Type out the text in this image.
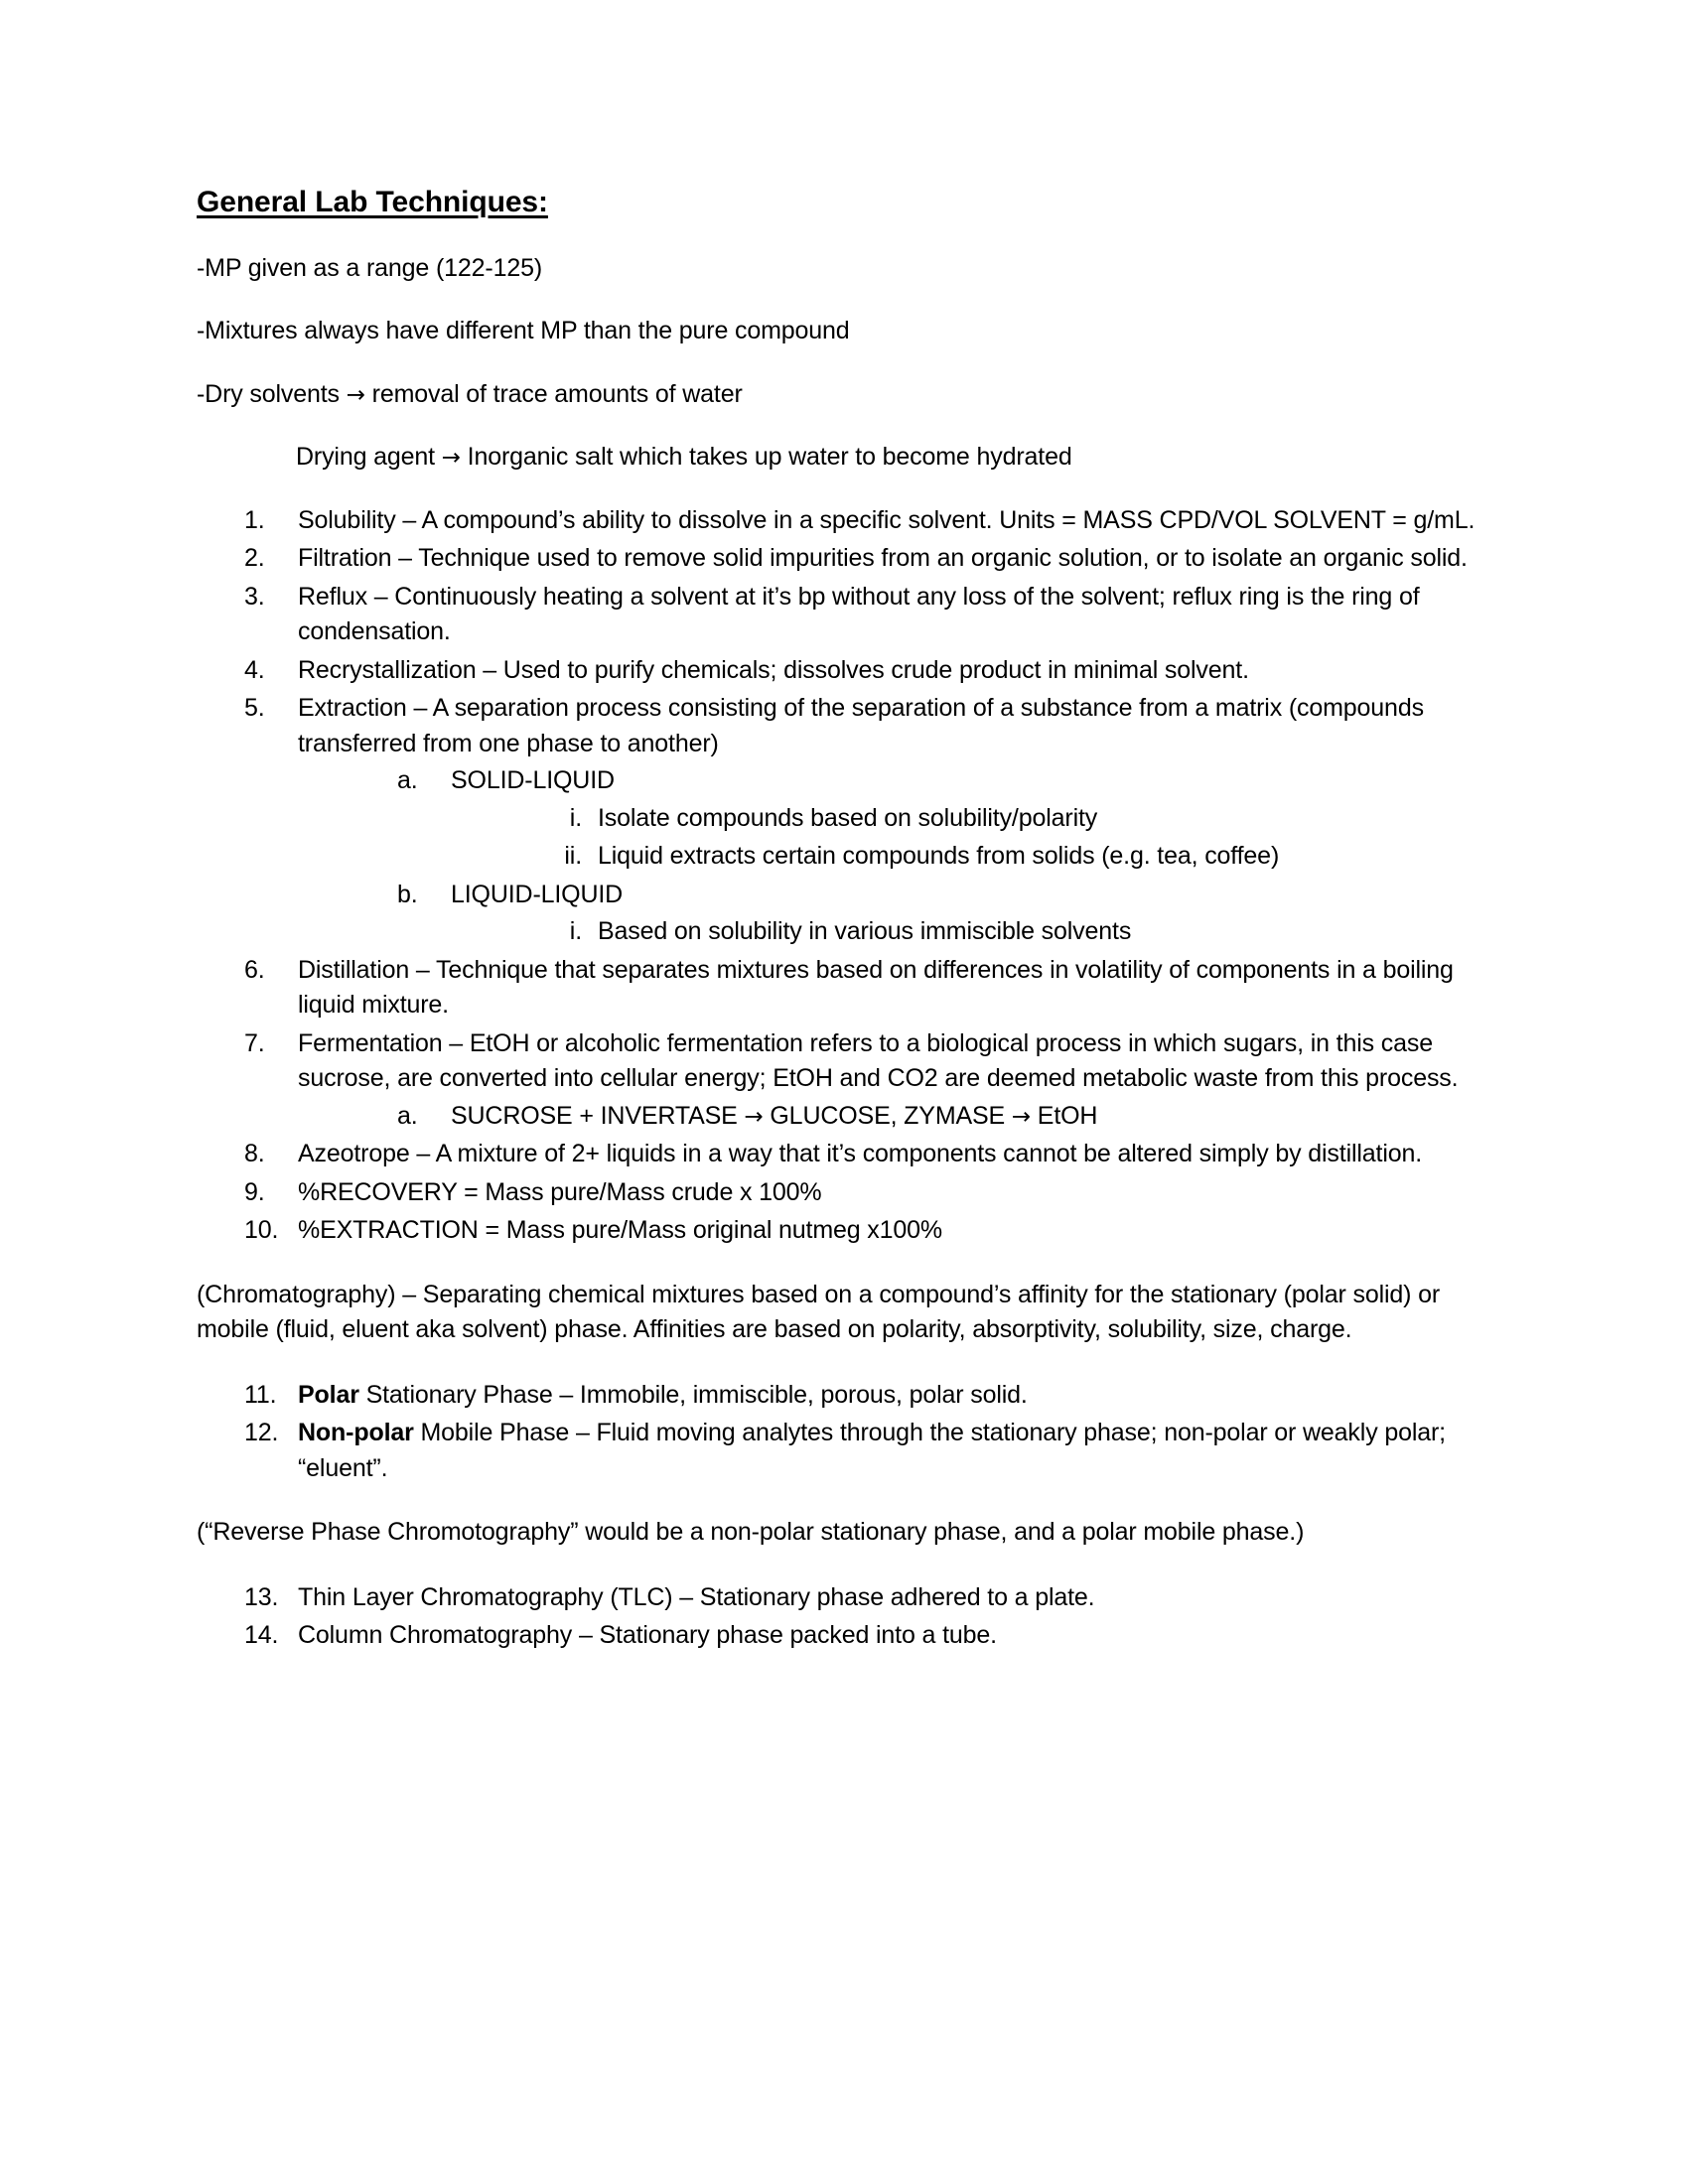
General Lab Techniques:

-MP given as a range (122-125)

-Mixtures always have different MP than the pure compound

-Dry solvents → removal of trace amounts of water

Drying agent → Inorganic salt which takes up water to become hydrated

1.	Solubility – A compound’s ability to dissolve in a specific solvent. Units = MASS CPD/VOL SOLVENT = g/mL.
2.	Filtration – Technique used to remove solid impurities from an organic solution, or to isolate an organic solid.
3.	Reflux – Continuously heating a solvent at it’s bp without any loss of the solvent; reflux ring is the ring of condensation.
4.	Recrystallization – Used to purify chemicals; dissolves crude product in minimal solvent.
5.	Extraction – A separation process consisting of the separation of a substance from a matrix (compounds transferred from one phase to another)
a.	SOLID-LIQUID
i. Isolate compounds based on solubility/polarity
ii. Liquid extracts certain compounds from solids (e.g. tea, coffee)
b.	LIQUID-LIQUID
i. Based on solubility in various immiscible solvents
6.	Distillation – Technique that separates mixtures based on differences in volatility of components in a boiling liquid mixture.
7.	Fermentation – EtOH or alcoholic fermentation refers to a biological process in which sugars, in this case sucrose, are converted into cellular energy; EtOH and CO2 are deemed metabolic waste from this process.
a.	SUCROSE + INVERTASE → GLUCOSE, ZYMASE → EtOH
8.	Azeotrope – A mixture of 2+ liquids in a way that it’s components cannot be altered simply by distillation.
9.	%RECOVERY = Mass pure/Mass crude x 100%
10. %EXTRACTION = Mass pure/Mass original nutmeg x100%

(Chromatography) – Separating chemical mixtures based on a compound’s affinity for the stationary (polar solid) or mobile (fluid, eluent aka solvent) phase. Affinities are based on polarity, absorptivity, solubility, size, charge.

11. Polar Stationary Phase – Immobile, immiscible, porous, polar solid.
12. Non-polar Mobile Phase – Fluid moving analytes through the stationary phase; non-polar or weakly polar; “eluent”.

(“Reverse Phase Chromotography” would be a non-polar stationary phase, and a polar mobile phase.)

13. Thin Layer Chromatography (TLC) – Stationary phase adhered to a plate.
14. Column Chromatography – Stationary phase packed into a tube.
